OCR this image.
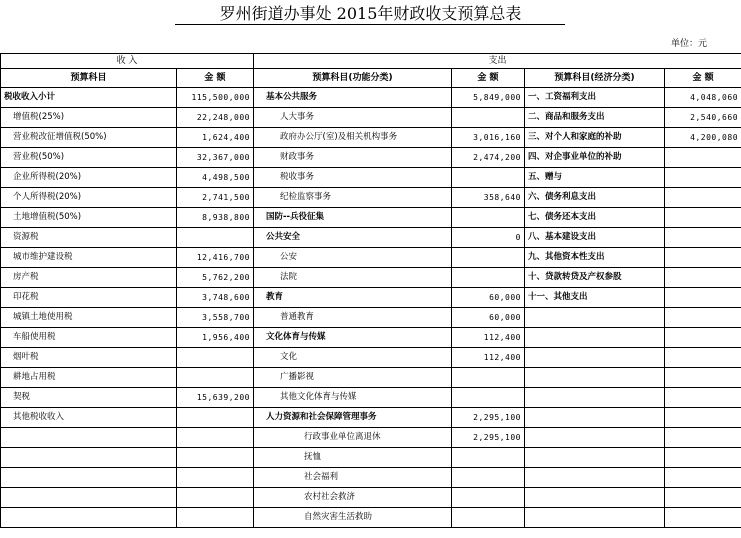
罗州街道办事处 2015年财政收支预算总表
单位：元
收 入		支出			
预算科目	金 额	预算科目(功能分类)	金 额	预算科目(经济分类)	金 额
税收收入小计	115,500,000	基本公共服务	5,849,000	一、工资福利支出	4,048,060
增值税(25%)	22,248,000	人大事务		二、商品和服务支出	2,540,660
营业税改征增值税(50%)	1,624,400	政府办公厅(室)及相关机构事务	3,016,160	三、对个人和家庭的补助	4,200,080
营业税(50%)	32,367,000	财政事务	2,474,200	四、对企事业单位的补助	
企业所得税(20%)	4,498,500	税收事务		五、赠与	
个人所得税(20%)	2,741,500	纪检监察事务	358,640	六、债务利息支出	
土地增值税(50%)	8,938,800	国防--兵役征集		七、债务还本支出	
资源税		公共安全	0	八、基本建设支出	
城市维护建设税	12,416,700	公安		九、其他资本性支出	
房产税	5,762,200	法院		十、贷款转贷及产权参股	
印花税	3,748,600	教育	60,000	十一、其他支出	
城镇土地使用税	3,558,700	普通教育	60,000		
车船使用税	1,956,400	文化体育与传媒	112,400		
烟叶税		文化	112,400		
耕地占用税		广播影视			
契税	15,639,200	其他文化体育与传媒			
其他税收收入		人力资源和社会保障管理事务	2,295,100		
		行政事业单位离退休	2,295,100		
		抚恤			
		社会福利			
		农村社会救济			
		自然灾害生活救助			
